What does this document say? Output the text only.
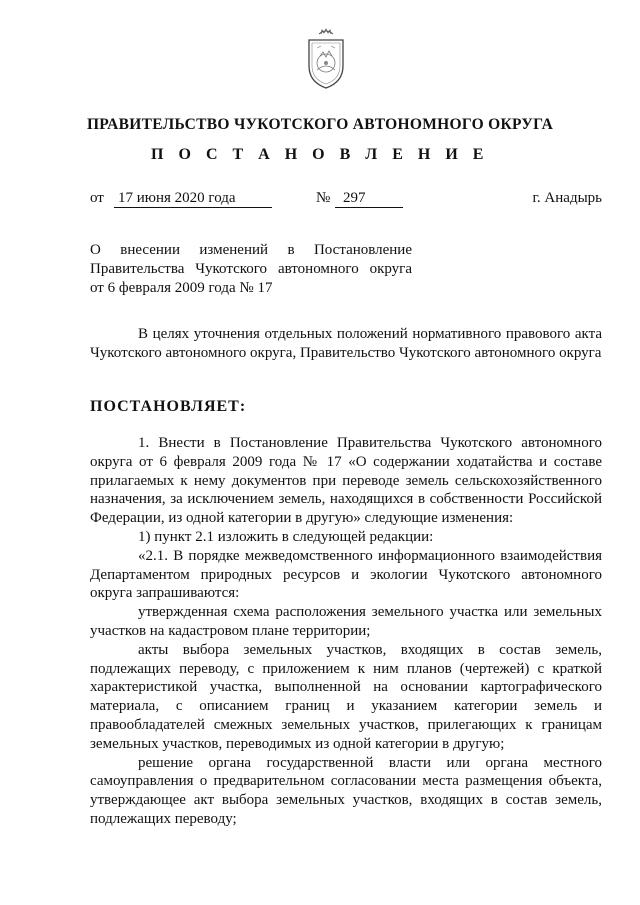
ПРАВИТЕЛЬСТВО ЧУКОТСКОГО АВТОНОМНОГО ОКРУГА
П О С Т А Н О В Л Е Н И Е
от 17 июня 2020 года	№ 297	г. Анадырь
О внесении изменений в Постановление
Правительства Чукотского автономного округа
от 6 февраля 2009 года № 17

В целях уточнения отдельных положений нормативного правового акта Чукотского автономного округа, Правительство Чукотского автономного округа

ПОСТАНОВЛЯЕТ:

1. Внести в Постановление Правительства Чукотского автономного округа от 6 февраля 2009 года № 17 «О содержании ходатайства и составе прилагаемых к нему документов при переводе земель сельскохозяйственного назначения, за исключением земель, находящихся в собственности Российской Федерации, из одной категории в другую» следующие изменения:

1) пункт 2.1 изложить в следующей редакции:

«2.1. В порядке межведомственного информационного взаимодействия Департаментом природных ресурсов и экологии Чукотского автономного округа запрашиваются:

утвержденная схема расположения земельного участка или земельных участков на кадастровом плане территории;

акты выбора земельных участков, входящих в состав земель, подлежащих переводу, с приложением к ним планов (чертежей) с краткой характеристикой участка, выполненной на основании картографического материала, с описанием границ и указанием категории земель и правообладателей смежных земельных участков, прилегающих к границам земельных участков, переводимых из одной категории в другую;

решение органа государственной власти или органа местного самоуправления о предварительном согласовании места размещения объекта, утверждающее акт выбора земельных участков, входящих в состав земель, подлежащих переводу;
